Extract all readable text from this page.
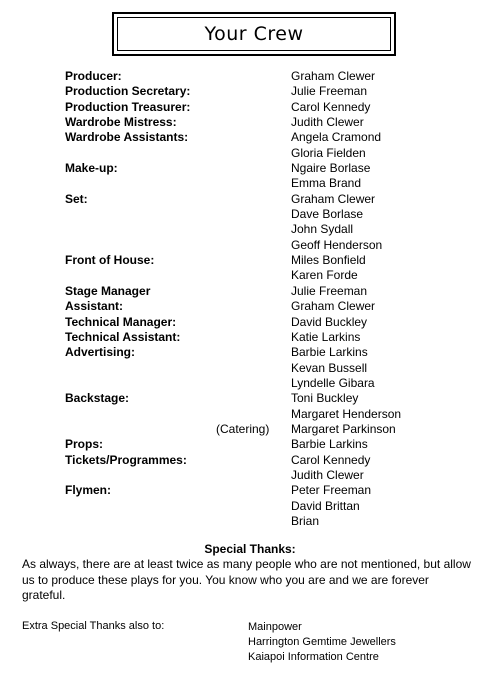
Your Crew
Producer:	Graham Clewer
Production Secretary:	Julie Freeman
Production Treasurer:	Carol Kennedy
Wardrobe Mistress:	Judith Clewer
Wardrobe Assistants:	Angela Cramond
Gloria Fielden
Make-up:	Ngaire Borlase
Emma Brand
Set:	Graham Clewer
Dave Borlase
John Sydall
Geoff Henderson
Front of House:	Miles Bonfield
Karen Forde
Stage Manager	Julie Freeman
Assistant:	Graham Clewer
Technical Manager:	David Buckley
Technical Assistant:	Katie Larkins
Advertising:	Barbie Larkins
Kevan Bussell
Lyndelle Gibara
Backstage:	Toni Buckley
Margaret Henderson
(Catering) Margaret Parkinson
Props:	Barbie Larkins
Tickets/Programmes:	Carol Kennedy
Judith Clewer
Flymen:	Peter Freeman
David Brittan
Brian
Special Thanks:
As always, there are at least twice as many people who are not mentioned, but allow us to produce these plays for you. You know who you are and we are forever grateful.
Extra Special Thanks also to:	Mainpower
Harrington Gemtime Jewellers
Kaiapoi Information Centre
